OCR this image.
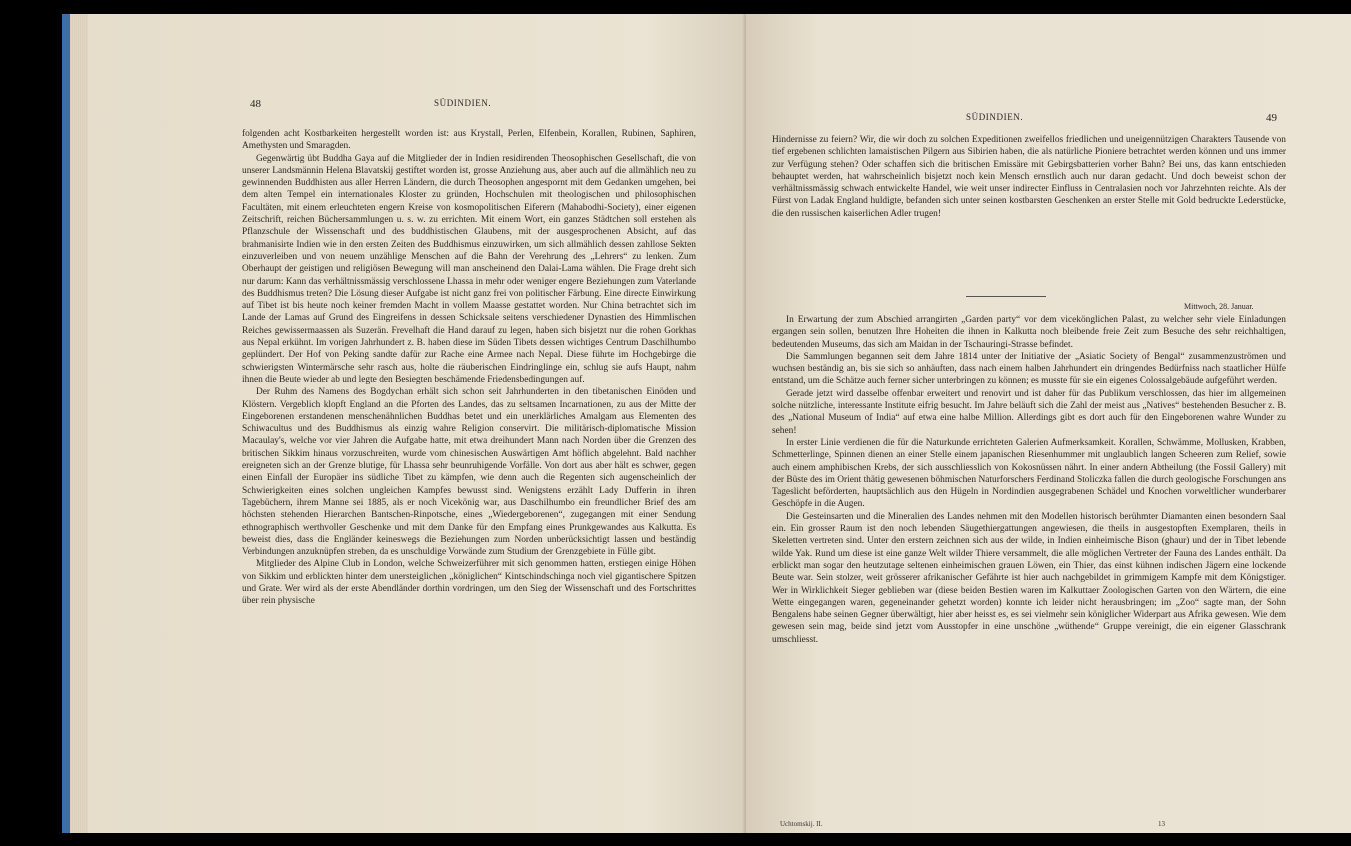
48	SÜDINDIEN.

folgenden acht Kostbarkeiten hergestellt worden ist: aus Krystall, Perlen, Elfenbein, Korallen, Rubinen, Saphiren, Amethysten und Smaragden.

Gegenwärtig übt Buddha Gaya auf die Mitglieder der in Indien residirenden Theosophischen Gesellschaft, die von unserer Landsmännin Helena Blavatskij gestiftet worden ist, grosse Anziehung aus, aber auch auf die allmählich neu zu gewinnenden Buddhisten aus aller Herren Ländern, die durch Theosophen angespornt mit dem Gedanken umgehen, bei dem alten Tempel ein internationales Kloster zu gründen, Hochschulen mit theologischen und philosophischen Facultäten, mit einem erleuchteten engern Kreise von kosmopolitischen Eiferern (Mahabodhi-Society), einer eigenen Zeitschrift, reichen Büchersammlungen u. s. w. zu errichten. Mit einem Wort, ein ganzes Städtchen soll erstehen als Pflanzschule der Wissenschaft und des buddhistischen Glaubens, mit der ausgesprochenen Absicht, auf das brahmanisirte Indien wie in den ersten Zeiten des Buddhismus einzuwirken, um sich allmählich dessen zahllose Sekten einzuverleiben und von neuem unzählige Menschen auf die Bahn der Verehrung des „Lehrers“ zu lenken. Zum Oberhaupt der geistigen und religiösen Bewegung will man anscheinend den Dalai-Lama wählen. Die Frage dreht sich nur darum: Kann das verhältnissmässig verschlossene Lhassa in mehr oder weniger engere Beziehungen zum Vaterlande des Buddhismus treten? Die Lösung dieser Aufgabe ist nicht ganz frei von politischer Färbung. Eine directe Einwirkung auf Tibet ist bis heute noch keiner fremden Macht in vollem Maasse gestattet worden. Nur China betrachtet sich im Lande der Lamas auf Grund des Eingreifens in dessen Schicksale seitens verschiedener Dynastien des Himmlischen Reiches gewissermaassen als Suzerän. Frevelhaft die Hand darauf zu legen, haben sich bisjetzt nur die rohen Gorkhas aus Nepal erkühnt. Im vorigen Jahrhundert z. B. haben diese im Süden Tibets dessen wichtiges Centrum Daschilhumbo geplündert. Der Hof von Peking sandte dafür zur Rache eine Armee nach Nepal. Diese führte im Hochgebirge die schwierigsten Wintermärsche sehr rasch aus, holte die räuberischen Eindringlinge ein, schlug sie aufs Haupt, nahm ihnen die Beute wieder ab und legte den Besiegten beschämende Friedensbedingungen auf.

Der Ruhm des Namens des Bogdychan erhält sich schon seit Jahrhunderten in den tibetanischen Einöden und Klöstern. Vergeblich klopft England an die Pforten des Landes, das zu seltsamen Incarnationen, zu aus der Mitte der Eingeborenen erstandenen menschenähnlichen Buddhas betet und ein unerklärliches Amalgam aus Elementen des Schiwacultus und des Buddhismus als einzig wahre Religion conservirt. Die militärisch-diplomatische Mission Macaulay's, welche vor vier Jahren die Aufgabe hatte, mit etwa dreihundert Mann nach Norden über die Grenzen des britischen Sikkim hinaus vorzuschreiten, wurde vom chinesischen Auswärtigen Amt höflich abgelehnt. Bald nachher ereigneten sich an der Grenze blutige, für Lhassa sehr beunruhigende Vorfälle. Von dort aus aber hält es schwer, gegen einen Einfall der Europäer ins südliche Tibet zu kämpfen, wie denn auch die Regenten sich augenscheinlich der Schwierigkeiten eines solchen ungleichen Kampfes bewusst sind. Wenigstens erzählt Lady Dufferin in ihren Tagebüchern, ihrem Manne sei 1885, als er noch Vicekönig war, aus Daschilhumbo ein freundlicher Brief des am höchsten stehenden Hierarchen Bantschen-Rinpotsche, eines „Wiedergeborenen“, zugegangen mit einer Sendung ethnographisch werthvoller Geschenke und mit dem Danke für den Empfang eines Prunkgewandes aus Kalkutta. Es beweist dies, dass die Engländer keineswegs die Beziehungen zum Norden unberücksichtigt lassen und beständig Verbindungen anzuknüpfen streben, da es unschuldige Vorwände zum Studium der Grenzgebiete in Fülle gibt.

Mitglieder des Alpine Club in London, welche Schweizerführer mit sich genommen hatten, erstiegen einige Höhen von Sikkim und erblickten hinter dem unersteiglichen „königlichen“ Kintschindschinga noch viel gigantischere Spitzen und Grate. Wer wird als der erste Abendländer dorthin vordringen, um den Sieg der Wissenschaft und des Fortschrittes über rein physische

SÜDINDIEN.	49

Hindernisse zu feiern? Wir, die wir doch zu solchen Expeditionen zweifellos friedlichen und uneigennützigen Charakters Tausende von tief ergebenen schlichten lamaistischen Pilgern aus Sibirien haben, die als natürliche Pioniere betrachtet werden können und uns immer zur Verfügung stehen? Oder schaffen sich die britischen Emissäre mit Gebirgsbatterien vorher Bahn? Bei uns, das kann entschieden behauptet werden, hat wahrscheinlich bisjetzt noch kein Mensch ernstlich auch nur daran gedacht. Und doch beweist schon der verhältnissmässig schwach entwickelte Handel, wie weit unser indirecter Einfluss in Centralasien noch vor Jahrzehnten reichte. Als der Fürst von Ladak England huldigte, befanden sich unter seinen kostbarsten Geschenken an erster Stelle mit Gold bedruckte Lederstücke, die den russischen kaiserlichen Adler trugen!

Mittwoch, 28. Januar.

In Erwartung der zum Abschied arrangirten „Garden party“ vor dem vicekönglichen Palast, zu welcher sehr viele Einladungen ergangen sein sollen, benutzen Ihre Hoheiten die ihnen in Kalkutta noch bleibende freie Zeit zum Besuche des sehr reichhaltigen, bedeutenden Museums, das sich am Maidan in der Tschauringi-Strasse befindet.

Die Sammlungen begannen seit dem Jahre 1814 unter der Initiative der „Asiatic Society of Bengal“ zusammenzuströmen und wuchsen beständig an, bis sie sich so anhäuften, dass nach einem halben Jahrhundert ein dringendes Bedürfniss nach staatlicher Hülfe entstand, um die Schätze auch ferner sicher unterbringen zu können; es musste für sie ein eigenes Colossalgebäude aufgeführt werden.

Gerade jetzt wird dasselbe offenbar erweitert und renovirt und ist daher für das Publikum verschlossen, das hier im allgemeinen solche nützliche, interessante Institute eifrig besucht. Im Jahre beläuft sich die Zahl der meist aus „Natives“ bestehenden Besucher z. B. des „National Museum of India“ auf etwa eine halbe Million. Allerdings gibt es dort auch für den Eingeborenen wahre Wunder zu sehen!

In erster Linie verdienen die für die Naturkunde errichteten Galerien Aufmerksamkeit. Korallen, Schwämme, Mollusken, Krabben, Schmetterlinge, Spinnen dienen an einer Stelle einem japanischen Riesenhummer mit unglaublich langen Scheeren zum Relief, sowie auch einem amphibischen Krebs, der sich ausschliesslich von Kokosnüssen nährt. In einer andern Abtheilung (the Fossil Gallery) mit der Büste des im Orient thätig gewesenen böhmischen Naturforschers Ferdinand Stoliczka fallen die durch geologische Forschungen ans Tageslicht beförderten, hauptsächlich aus den Hügeln in Nordindien ausgegrabenen Schädel und Knochen vorweltlicher wunderbarer Geschöpfe in die Augen.

Die Gesteinsarten und die Mineralien des Landes nehmen mit den Modellen historisch berühmter Diamanten einen besondern Saal ein. Ein grosser Raum ist den noch lebenden Säugethiergattungen angewiesen, die theils in ausgestopften Exemplaren, theils in Skeletten vertreten sind. Unter den erstern zeichnen sich aus der wilde, in Indien einheimische Bison (ghaur) und der in Tibet lebende wilde Yak. Rund um diese ist eine ganze Welt wilder Thiere versammelt, die alle möglichen Vertreter der Fauna des Landes enthält. Da erblickt man sogar den heutzutage seltenen einheimischen grauen Löwen, ein Thier, das einst kühnen indischen Jägern eine lockende Beute war. Sein stolzer, weit grösserer afrikanischer Gefährte ist hier auch nachgebildet in grimmigem Kampfe mit dem Königstiger. Wer in Wirklichkeit Sieger geblieben war (diese beiden Bestien waren im Kalkuttaer Zoologischen Garten von den Wärtern, die eine Wette eingegangen waren, gegeneinander gehetzt worden) konnte ich leider nicht herausbringen; im „Zoo“ sagte man, der Sohn Bengalens habe seinen Gegner überwältigt, hier aber heisst es, es sei vielmehr sein königlicher Widerpart aus Afrika gewesen. Wie dem gewesen sein mag, beide sind jetzt vom Ausstopfer in eine unschöne „wüthende“ Gruppe vereinigt, die ein eigener Glasschrank umschliesst.

Uchtomskij. II.	13
